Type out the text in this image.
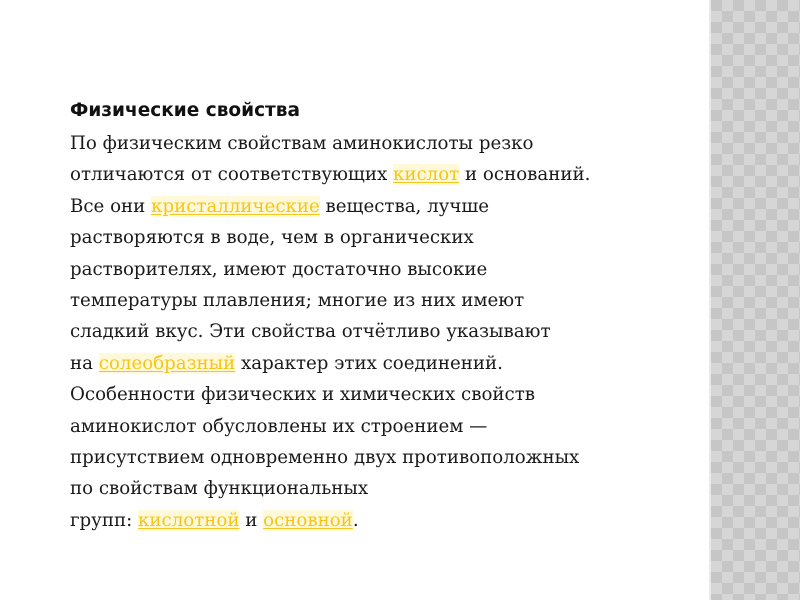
Физические свойства
По физическим свойствам аминокислоты резко
отличаются от соответствующих кислот и оснований.
Все они кристаллические вещества, лучше
растворяются в воде, чем в органических
растворителях, имеют достаточно высокие
температуры плавления; многие из них имеют
сладкий вкус. Эти свойства отчётливо указывают
на солеобразный характер этих соединений.
Особенности физических и химических свойств
аминокислот обусловлены их строением —
присутствием одновременно двух противоположных
по свойствам функциональных
групп: кислотной и основной.
